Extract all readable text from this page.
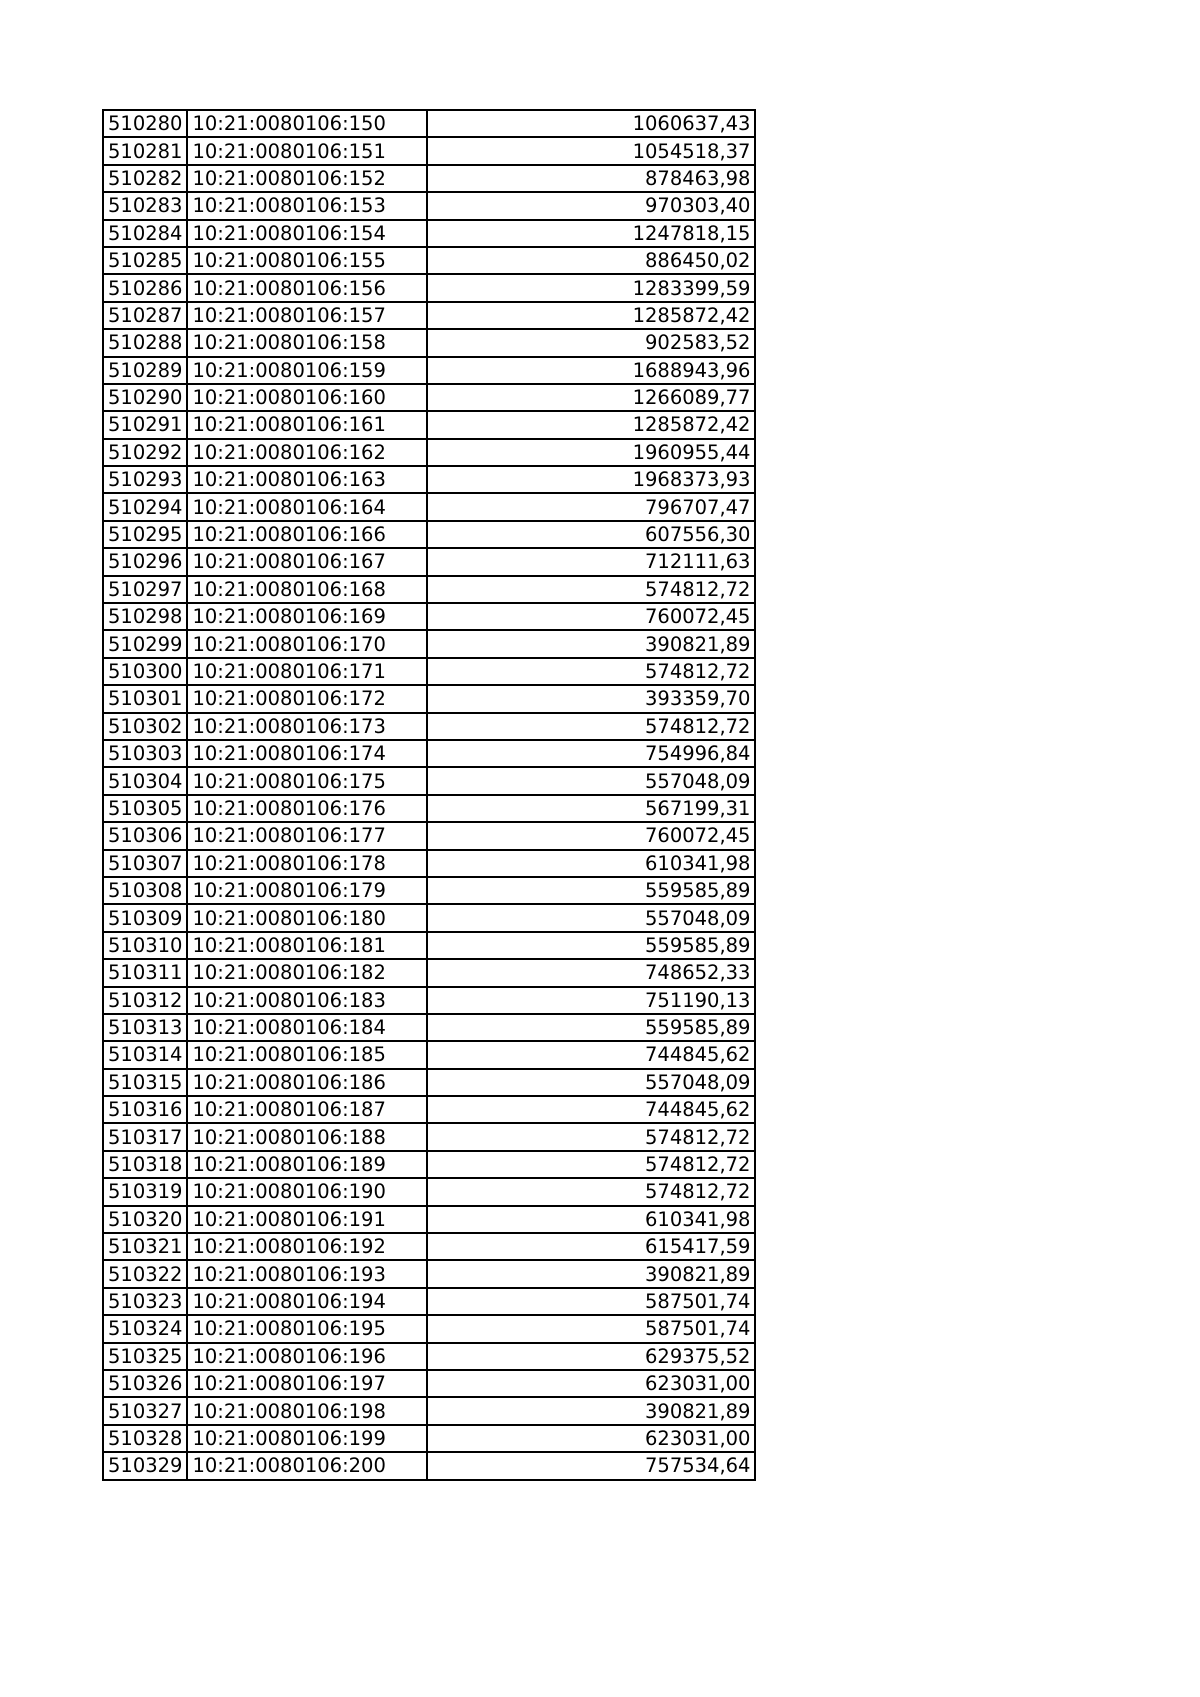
510280	10:21:0080106:150	1060637,43
510281	10:21:0080106:151	1054518,37
510282	10:21:0080106:152	878463,98
510283	10:21:0080106:153	970303,40
510284	10:21:0080106:154	1247818,15
510285	10:21:0080106:155	886450,02
510286	10:21:0080106:156	1283399,59
510287	10:21:0080106:157	1285872,42
510288	10:21:0080106:158	902583,52
510289	10:21:0080106:159	1688943,96
510290	10:21:0080106:160	1266089,77
510291	10:21:0080106:161	1285872,42
510292	10:21:0080106:162	1960955,44
510293	10:21:0080106:163	1968373,93
510294	10:21:0080106:164	796707,47
510295	10:21:0080106:166	607556,30
510296	10:21:0080106:167	712111,63
510297	10:21:0080106:168	574812,72
510298	10:21:0080106:169	760072,45
510299	10:21:0080106:170	390821,89
510300	10:21:0080106:171	574812,72
510301	10:21:0080106:172	393359,70
510302	10:21:0080106:173	574812,72
510303	10:21:0080106:174	754996,84
510304	10:21:0080106:175	557048,09
510305	10:21:0080106:176	567199,31
510306	10:21:0080106:177	760072,45
510307	10:21:0080106:178	610341,98
510308	10:21:0080106:179	559585,89
510309	10:21:0080106:180	557048,09
510310	10:21:0080106:181	559585,89
510311	10:21:0080106:182	748652,33
510312	10:21:0080106:183	751190,13
510313	10:21:0080106:184	559585,89
510314	10:21:0080106:185	744845,62
510315	10:21:0080106:186	557048,09
510316	10:21:0080106:187	744845,62
510317	10:21:0080106:188	574812,72
510318	10:21:0080106:189	574812,72
510319	10:21:0080106:190	574812,72
510320	10:21:0080106:191	610341,98
510321	10:21:0080106:192	615417,59
510322	10:21:0080106:193	390821,89
510323	10:21:0080106:194	587501,74
510324	10:21:0080106:195	587501,74
510325	10:21:0080106:196	629375,52
510326	10:21:0080106:197	623031,00
510327	10:21:0080106:198	390821,89
510328	10:21:0080106:199	623031,00
510329	10:21:0080106:200	757534,64
